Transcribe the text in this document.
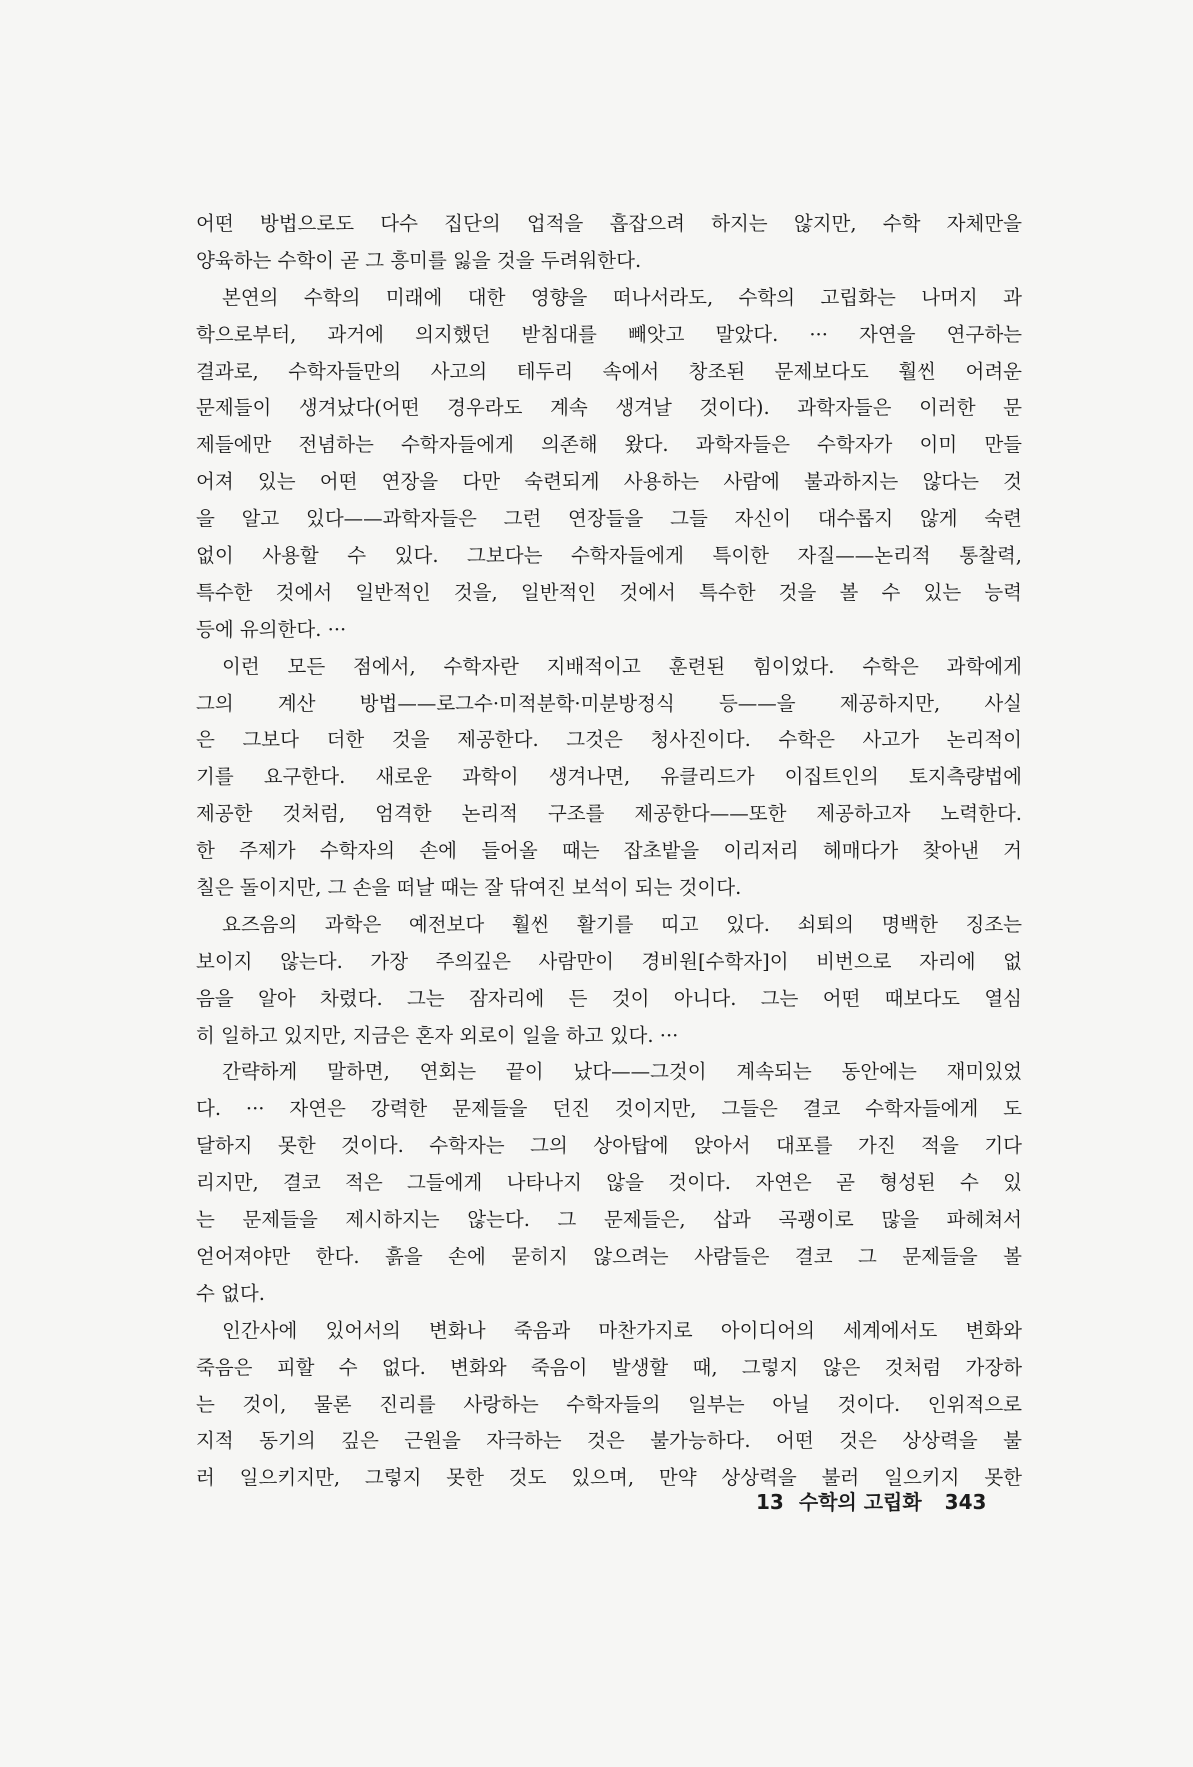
어떤 방법으로도 다수 집단의 업적을 흡잡으려 하지는 않지만, 수학 자체만을
양육하는 수학이 곧 그 흥미를 잃을 것을 두려워한다.
본연의 수학의 미래에 대한 영향을 떠나서라도, 수학의 고립화는 나머지 과
학으로부터, 과거에 의지했던 받침대를 빼앗고 말았다. ··· 자연을 연구하는
결과로, 수학자들만의 사고의 테두리 속에서 창조된 문제보다도 훨씬 어려운
문제들이 생겨났다(어떤 경우라도 계속 생겨날 것이다). 과학자들은 이러한 문
제들에만 전념하는 수학자들에게 의존해 왔다. 과학자들은 수학자가 이미 만들
어져 있는 어떤 연장을 다만 숙련되게 사용하는 사람에 불과하지는 않다는 것
을 알고 있다——과학자들은 그런 연장들을 그들 자신이 대수롭지 않게 숙련
없이 사용할 수 있다. 그보다는 수학자들에게 특이한 자질——논리적 통찰력,
특수한 것에서 일반적인 것을, 일반적인 것에서 특수한 것을 볼 수 있는 능력
등에 유의한다. ···
이런 모든 점에서, 수학자란 지배적이고 훈련된 힘이었다. 수학은 과학에게
그의 계산 방법——로그수·미적분학·미분방정식 등——을 제공하지만, 사실
은 그보다 더한 것을 제공한다. 그것은 청사진이다. 수학은 사고가 논리적이
기를 요구한다. 새로운 과학이 생겨나면, 유클리드가 이집트인의 토지측량법에
제공한 것처럼, 엄격한 논리적 구조를 제공한다——또한 제공하고자 노력한다.
한 주제가 수학자의 손에 들어올 때는 잡초밭을 이리저리 헤매다가 찾아낸 거
칠은 돌이지만, 그 손을 떠날 때는 잘 닦여진 보석이 되는 것이다.
요즈음의 과학은 예전보다 훨씬 활기를 띠고 있다. 쇠퇴의 명백한 징조는
보이지 않는다. 가장 주의깊은 사람만이 경비원[수학자]이 비번으로 자리에 없
음을 알아 차렸다. 그는 잠자리에 든 것이 아니다. 그는 어떤 때보다도 열심
히 일하고 있지만, 지금은 혼자 외로이 일을 하고 있다. ···
간략하게 말하면, 연회는 끝이 났다——그것이 계속되는 동안에는 재미있었
다. ··· 자연은 강력한 문제들을 던진 것이지만, 그들은 결코 수학자들에게 도
달하지 못한 것이다. 수학자는 그의 상아탑에 앉아서 대포를 가진 적을 기다
리지만, 결코 적은 그들에게 나타나지 않을 것이다. 자연은 곧 형성된 수 있
는 문제들을 제시하지는 않는다. 그 문제들은, 삽과 곡괭이로 많을 파헤쳐서
얻어져야만 한다. 흙을 손에 묻히지 않으려는 사람들은 결코 그 문제들을 볼
수 없다.
인간사에 있어서의 변화나 죽음과 마찬가지로 아이디어의 세계에서도 변화와
죽음은 피할 수 없다. 변화와 죽음이 발생할 때, 그렇지 않은 것처럼 가장하
는 것이, 물론 진리를 사랑하는 수학자들의 일부는 아닐 것이다. 인위적으로
지적 동기의 깊은 근원을 자극하는 것은 불가능하다. 어떤 것은 상상력을 불
러 일으키지만, 그렇지 못한 것도 있으며, 만약 상상력을 불러 일으키지 못한
13 수학의 고립화 343
